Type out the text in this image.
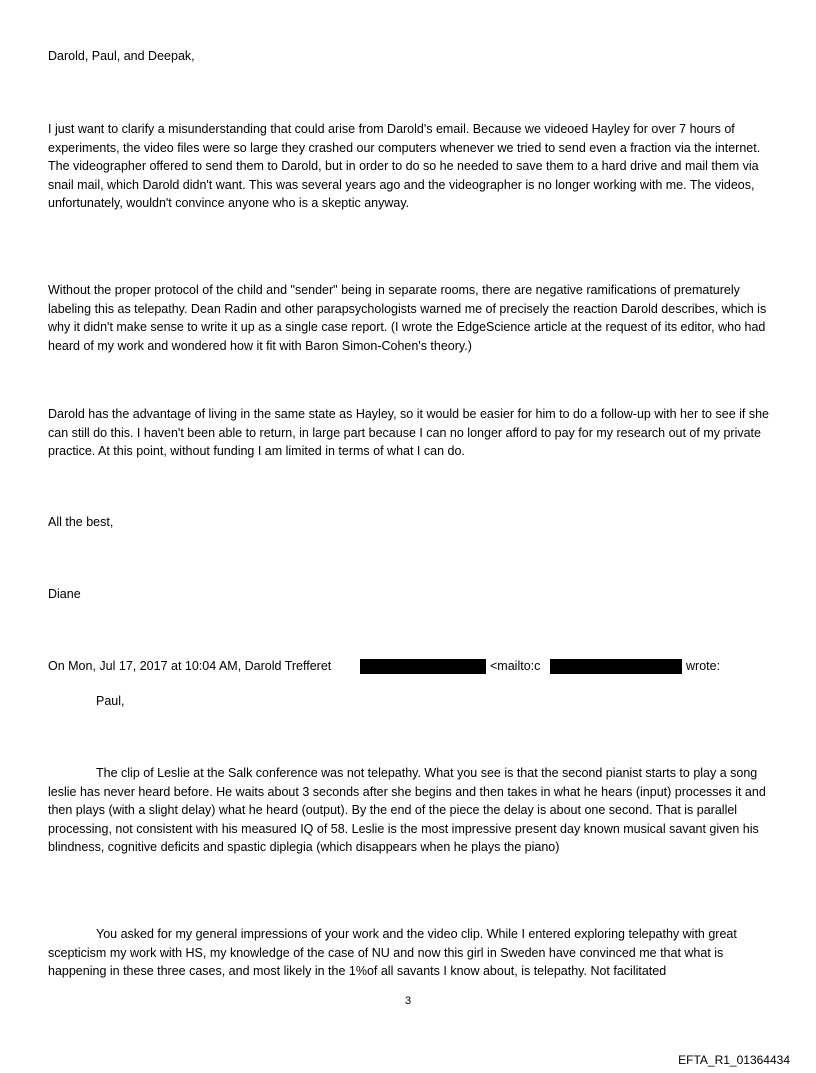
Darold, Paul, and Deepak,

I just want to clarify a misunderstanding that could arise from Darold's email. Because we videoed Hayley for over 7 hours of experiments, the video files were so large they crashed our computers whenever we tried to send even a fraction via the internet. The videographer offered to send them to Darold, but in order to do so he needed to save them to a hard drive and mail them via snail mail, which Darold didn't want. This was several years ago and the videographer is no longer working with me. The videos, unfortunately, wouldn't convince anyone who is a skeptic anyway.

Without the proper protocol of the child and "sender" being in separate rooms, there are negative ramifications of prematurely labeling this as telepathy. Dean Radin and other parapsychologists warned me of precisely the reaction Darold describes, which is why it didn't make sense to write it up as a single case report. (I wrote the EdgeScience article at the request of its editor, who had heard of my work and wondered how it fit with Baron Simon-Cohen's theory.)

Darold has the advantage of living in the same state as Hayley, so it would be easier for him to do a follow-up with her to see if she can still do this. I haven't been able to return, in large part because I can no longer afford to pay for my research out of my private practice. At this point, without funding I am limited in terms of what I can do.

All the best,

Diane

On Mon, Jul 17, 2017 at 10:04 AM, Darold Trefferet	<mailto:c	wrote:

Paul,

The clip of Leslie at the Salk conference was not telepathy. What you see is that the second pianist starts to play a song leslie has never heard before. He waits about 3 seconds after she begins and then takes in what he hears (input) processes it and then plays (with a slight delay) what he heard (output). By the end of the piece the delay is about one second. That is parallel processing, not consistent with his measured IQ of 58. Leslie is the most impressive present day known musical savant given his blindness, cognitive deficits and spastic diplegia (which disappears when he plays the piano)

You asked for my general impressions of your work and the video clip. While I entered exploring telepathy with great scepticism my work with HS, my knowledge of the case of NU and now this girl in Sweden have convinced me that what is happening in these three cases, and most likely in the 1%of all savants I know about, is telepathy. Not facilitated

3
EFTA_R1_01364434
